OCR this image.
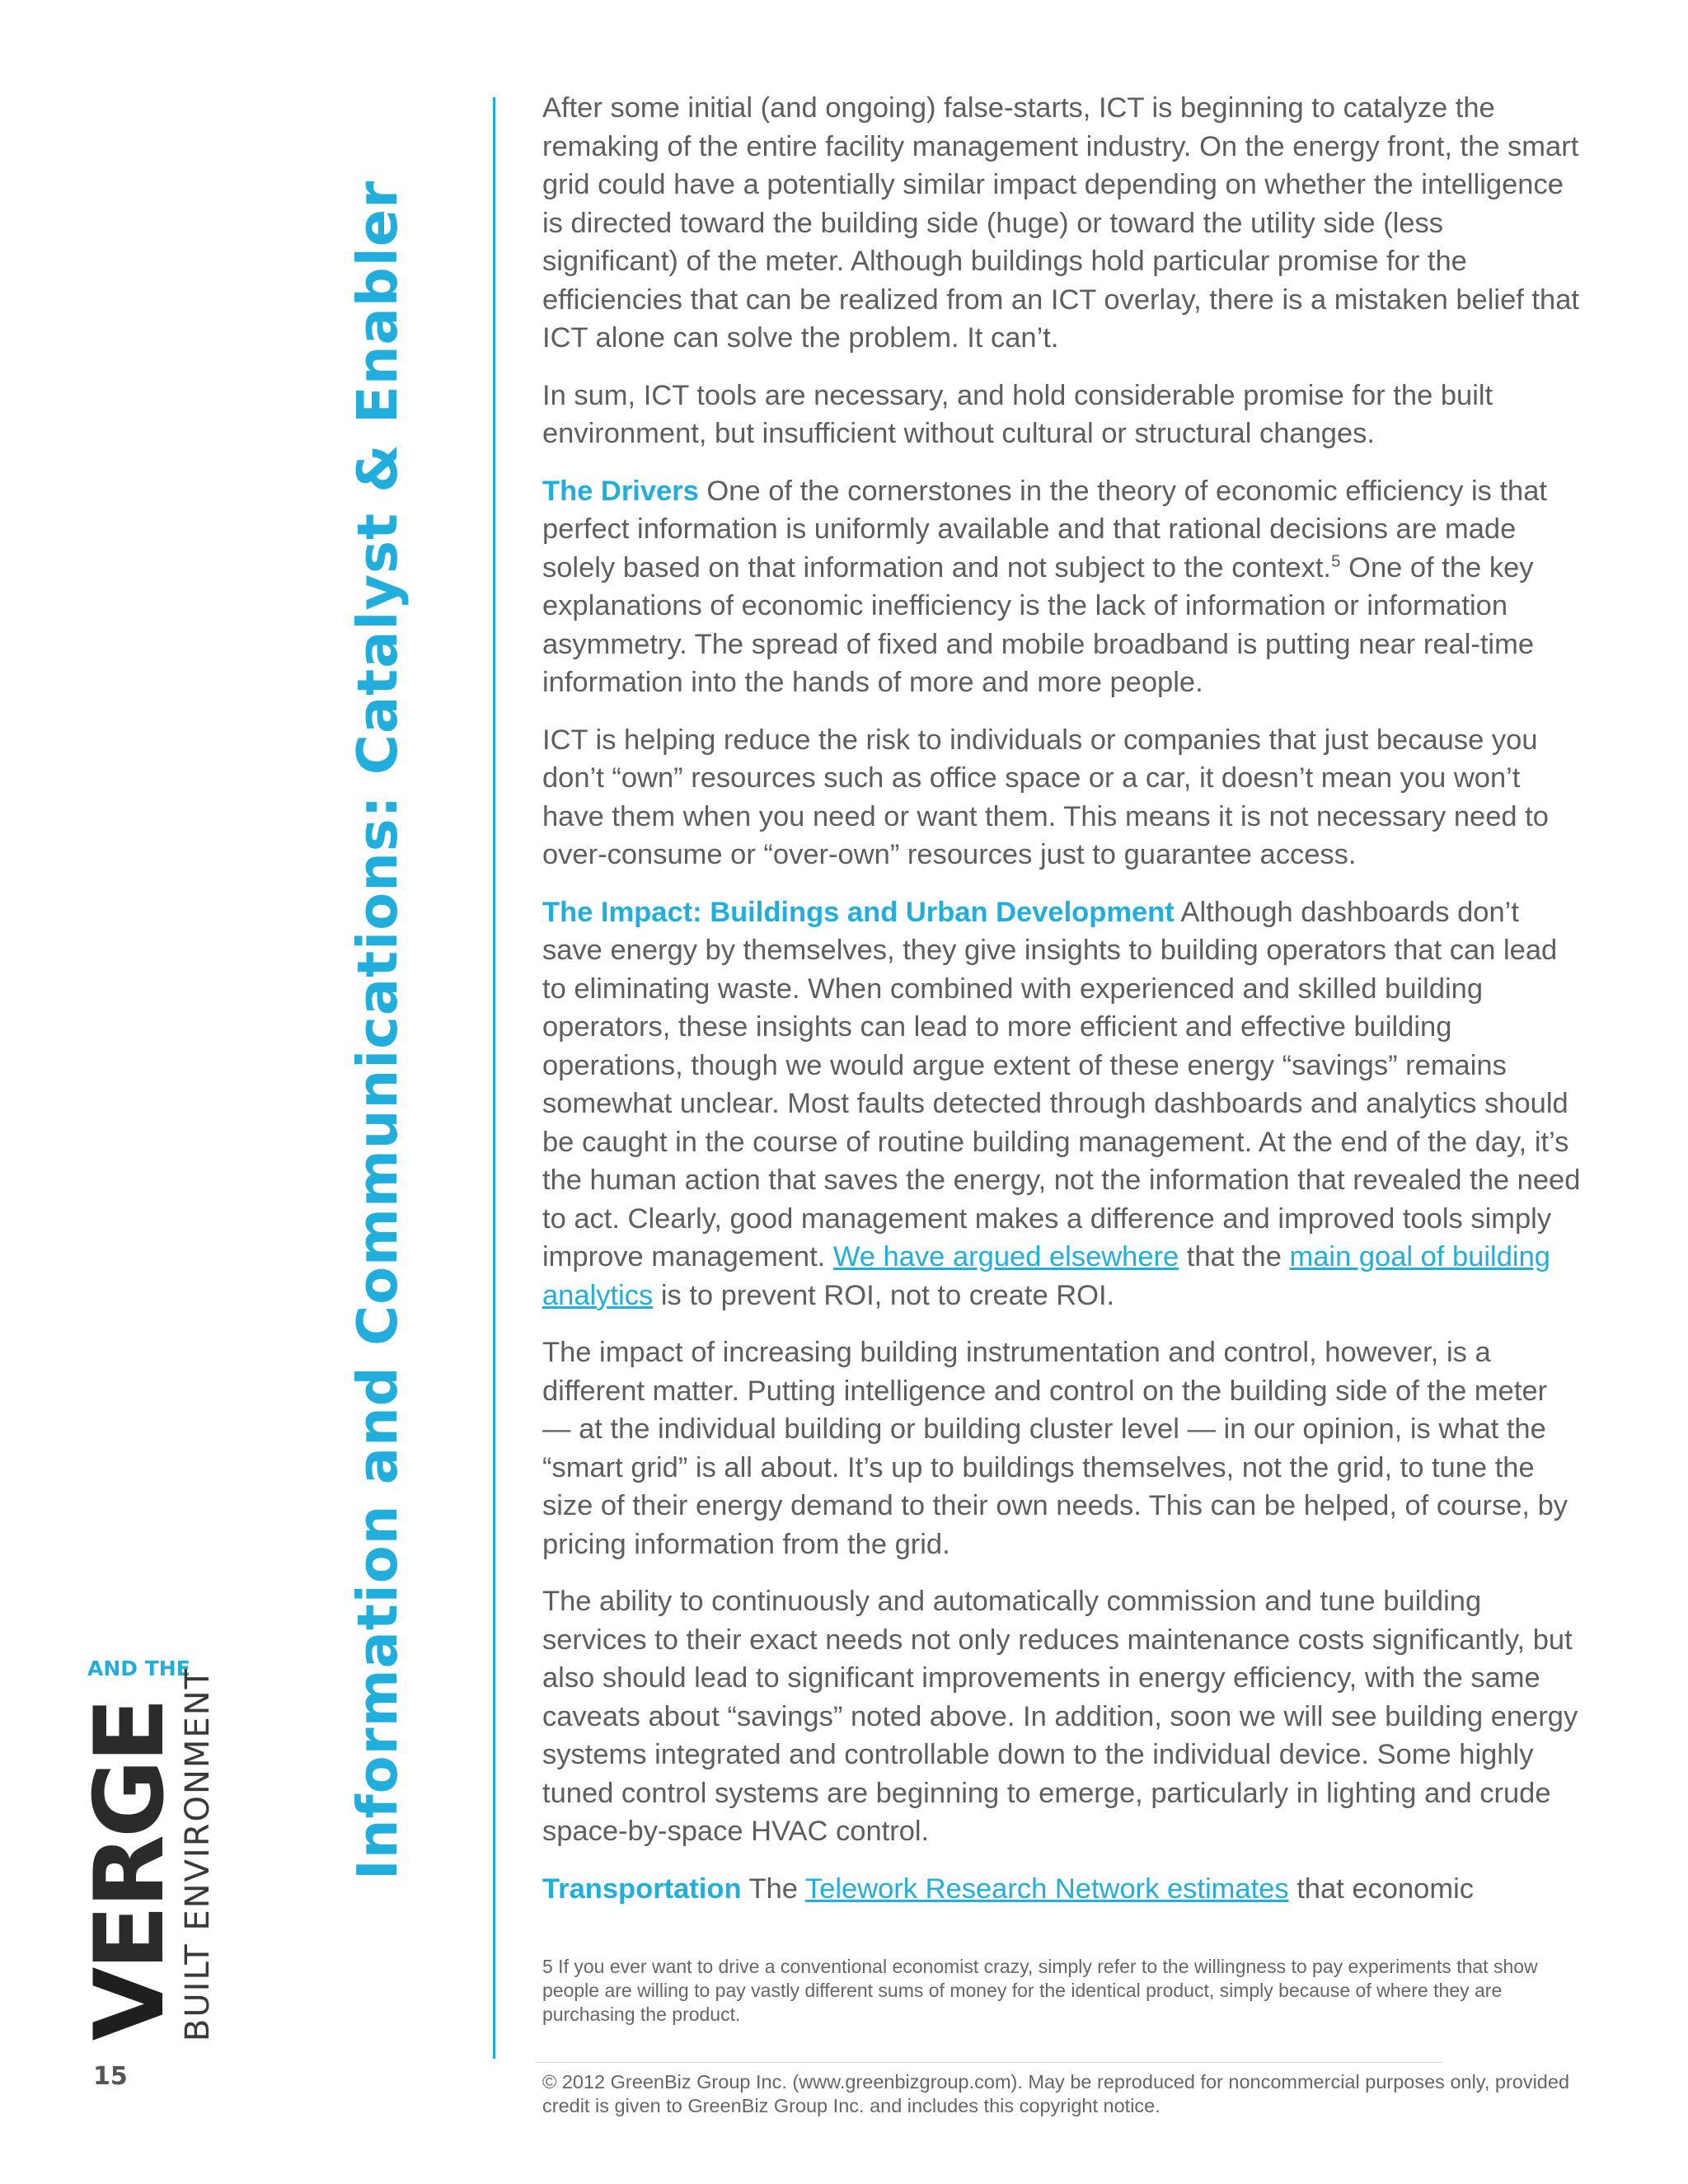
Information and Communications: Catalyst & Enabler
AND THE
VERGE
BUILT ENVIRONMENT
15

After some initial (and ongoing) false-starts, ICT is beginning to catalyze the remaking of the entire facility management industry. On the energy front, the smart grid could have a potentially similar impact depending on whether the intelligence is directed toward the building side (huge) or toward the utility side (less significant) of the meter. Although buildings hold particular promise for the efficiencies that can be realized from an ICT overlay, there is a mistaken belief that ICT alone can solve the problem. It can’t.

In sum, ICT tools are necessary, and hold considerable promise for the built environment, but insufficient without cultural or structural changes.

The Drivers One of the cornerstones in the theory of economic efficiency is that perfect information is uniformly available and that rational decisions are made solely based on that information and not subject to the context.$^5$ One of the key explanations of economic inefficiency is the lack of information or information asymmetry. The spread of fixed and mobile broadband is putting near real-time information into the hands of more and more people.

ICT is helping reduce the risk to individuals or companies that just because you don’t “own” resources such as office space or a car, it doesn’t mean you won’t have them when you need or want them. This means it is not necessary need to over-consume or “over-own” resources just to guarantee access.

The Impact: Buildings and Urban Development Although dashboards don’t save energy by themselves, they give insights to building operators that can lead to eliminating waste. When combined with experienced and skilled building operators, these insights can lead to more efficient and effective building operations, though we would argue extent of these energy “savings” remains somewhat unclear. Most faults detected through dashboards and analytics should be caught in the course of routine building management. At the end of the day, it’s the human action that saves the energy, not the information that revealed the need to act. Clearly, good management makes a difference and improved tools simply improve management. We have argued elsewhere that the main goal of building analytics is to prevent ROI, not to create ROI.

The impact of increasing building instrumentation and control, however, is a different matter. Putting intelligence and control on the building side of the meter — at the individual building or building cluster level — in our opinion, is what the “smart grid” is all about. It’s up to buildings themselves, not the grid, to tune the size of their energy demand to their own needs. This can be helped, of course, by pricing information from the grid.

The ability to continuously and automatically commission and tune building services to their exact needs not only reduces maintenance costs significantly, but also should lead to significant improvements in energy efficiency, with the same caveats about “savings” noted above. In addition, soon we will see building energy systems integrated and controllable down to the individual device. Some highly tuned control systems are beginning to emerge, particularly in lighting and crude space-by-space HVAC control.

Transportation The Telework Research Network estimates that economic

5 If you ever want to drive a conventional economist crazy, simply refer to the willingness to pay experiments that show people are willing to pay vastly different sums of money for the identical product, simply because of where they are purchasing the product.
© 2012 GreenBiz Group Inc. (www.greenbizgroup.com). May be reproduced for noncommercial purposes only, provided credit is given to GreenBiz Group Inc. and includes this copyright notice.
